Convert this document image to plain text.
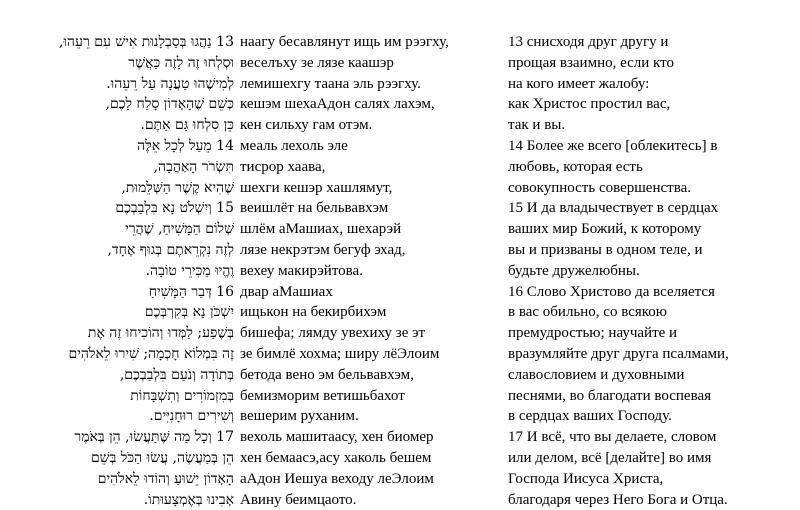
13 נַהֲגוּ בְּסַבְלָנוּת אִישׁ עִם רֵעֵהוּ,
וּסְלְחוּ זֶה לָזֶה כַּאֲשֶׁר
לְמִישֶׁהוּ טַעֲנָה עַל רֵעֵהוּ.
כְּשֵׁם שֶׁהָאָדוֹן סָלַח לָכֶם,
כֵּן סִלְחוּ גַּם אַתֶּם.
14 מֵעַל לְכָל אֵלֶּה
תִּשְׂרֹר הָאַהֲבָה,
שֶׁהִיא קֶשֶׁר הַשְּׁלֵמוּת,
15 וְיִשְׁלֹט נָא בִּלְבַבְכֶם
שְׁלוֹם הַמָּשִׁיחַ, שֶׁהֲרֵי
לְזֶה נִקְרֵאתֶם בְּגוּף אֶחָד,
וֶהֱיוּ מַכִּירֵי טוֹבָה.
16 דְּבַר הַמָּשִׁיחַ
יִשְׁכֹּן נָא בְּקִרְבְּכֶם
בְּשֶׁפַע; לַמְּדוּ וְהוֹכִיחוּ זֶה אֶת
זֶה בִּמְלוֹא חָכְמָה; שִׁירוּ לֵאלֹהִים
בְּתוֹדָה וְנֹעַם בִּלְבַבְכֶם,
בְּמִזְמוֹרִים וְתִשְׁבָּחוֹת
וְשִׁירִים רוּחָנִיִּים.
17 וְכָל מַה שֶּׁתַּעֲשׂוּ, הֵן בְּאֹמֶר
הֵן בְּמַעֲשֶׂה, עֲשׂוּ הַכֹּל בְּשֵׁם
הָאָדוֹן יֵשׁוּעַ וְהוֹדוּ לֵאלֹהִים
אָבִינוּ בְּאֶמְצָעוּתוֹ.
наагу бесавлянут ищь им рээгху,
веселъху зе лязе каашэр
лемишехгу таана эль рээгху.
кешэм шехаАдон салях лахэм,
кен сильху гам отэм.
меаль лехоль эле
тисрор хаава,
шехги кешэр хашлямут,
веишлёт на бельвавхэм
шлём аМашиах, шехарэй
лязе некрэтэм бегуф эхад,
вехеу макирэйтова.
двар аМашиах
ищькон на бекирбихэм
бишефа; лямду увехиху зе эт
зе бимлё хохма; ширу лёЭлоим
бетода вено эм бельвавхэм,
бемизморим ветишьбахот
вешерим руханим.
вехоль машитаасу, хен биомер
хен бемаасэ,асу хаколь бешем
аАдон Иешуа веходу леЭлоим
Авину беимцаото.
13 снисходя друг другу и
прощая взаимно, если кто
на кого имеет жалобу:
как Христос простил вас,
так и вы.
14 Более же всего [облекитесь] в
любовь, которая есть
совокупность совершенства.
15 И да владычествует в сердцах
ваших мир Божий, к которому
вы и призваны в одном теле, и
будьте дружелюбны.
16 Слово Христово да вселяется
в вас обильно, со всякою
премудростью; научайте и
вразумляйте друг друга псалмами,
славословием и духовными
песнями, во благодати воспевая
в сердцах ваших Господу.
17 И всё, что вы делаете, словом
или делом, всё [делайте] во имя
Господа Иисуса Христа,
благодаря через Него Бога и Отца.
